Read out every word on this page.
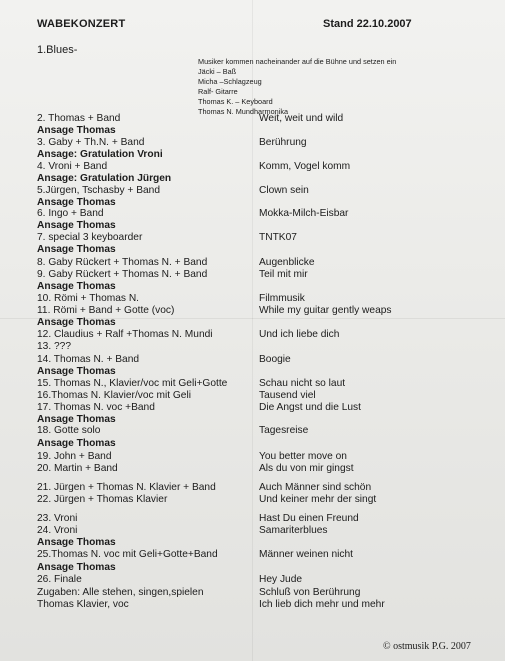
WABEKONZERT	Stand 22.10.2007
1.Blues-
Musiker kommen nacheinander auf die Bühne und setzen ein
Jäcki – Baß
Micha –Schlagzeug
Ralf- Gitarre
Thomas K. – Keyboard
Thomas N. Mundharmonika
2. Thomas + Band	Weit, weit und wild
Ansage Thomas
3. Gaby + Th.N. + Band	Berührung
Ansage: Gratulation Vroni
4. Vroni + Band	Komm, Vogel komm
Ansage: Gratulation Jürgen
5.Jürgen, Tschasby + Band	Clown sein
Ansage Thomas
6. Ingo + Band	Mokka-Milch-Eisbar
Ansage Thomas
7. special 3 keyboarder	TNTK07
Ansage Thomas
8. Gaby Rückert + Thomas N. + Band	Augenblicke
9. Gaby Rückert + Thomas N. + Band	Teil mit mir
Ansage Thomas
10. Römi + Thomas N.	Filmmusik
11. Römi + Band + Gotte (voc)	While my guitar gently weaps
Ansage Thomas
12. Claudius + Ralf +Thomas N. Mundi	Und ich liebe dich
13. ???
14. Thomas N. + Band	Boogie
Ansage Thomas
15. Thomas N., Klavier/voc mit Geli+Gotte	Schau nicht so laut
16.Thomas N. Klavier/voc mit Geli	Tausend viel
17. Thomas N. voc +Band	Die Angst und die Lust
Ansage Thomas
18. Gotte solo	Tagesreise
Ansage Thomas
19. John + Band	You better move on
20. Martin + Band	Als du von mir gingst
21. Jürgen + Thomas N. Klavier + Band	Auch Männer sind schön
22. Jürgen + Thomas Klavier	Und keiner mehr der singt
23. Vroni	Hast Du einen Freund
24. Vroni	Samariterblues
Ansage Thomas
25.Thomas N. voc mit Geli+Gotte+Band	Männer weinen nicht
Ansage Thomas
26. Finale	Hey Jude
Zugaben: Alle stehen, singen,spielen	Schluß von Berührung
Thomas Klavier, voc	Ich lieb dich mehr und mehr
© ostmusik P.G. 2007
